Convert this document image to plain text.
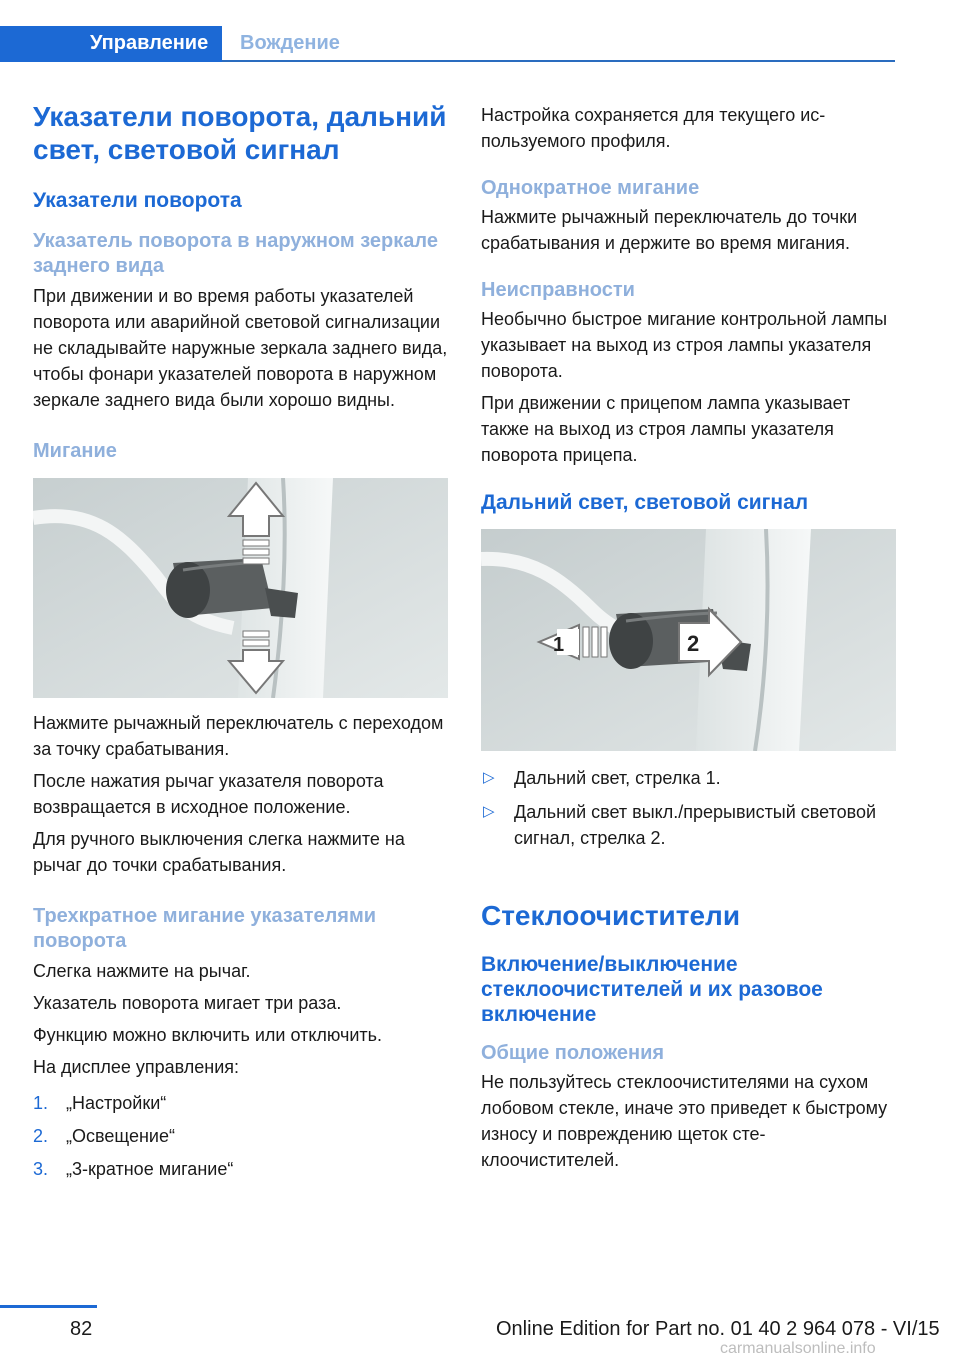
Управление	Вождение
Указатели поворота, дальний свет, световой сигнал
Указатели поворота
Указатель поворота в наружном зеркале заднего вида

При движении и во время работы указателей поворота или аварийной световой сигнализации не складывайте наружные зеркала заднего вида, чтобы фонари указателей поворота в наружном зеркале заднего вида были хорошо видны.

Мигание

Нажмите рычажный переключатель с переходом за точку срабатывания.

После нажатия рычаг указателя поворота возвращается в исходное положение.

Для ручного выключения слегка нажмите на рычаг до точки срабатывания.

Трехкратное мигание указателями поворота

Слегка нажмите на рычаг.

Указатель поворота мигает три раза.

Функцию можно включить или отключить.

На дисплее управления:

1. „Настройки“
2. „Освещение“
3. „3-кратное мигание“

Настройка сохраняется для текущего используемого профиля.

Однократное мигание

Нажмите рычажный переключатель до точки срабатывания и держите во время мигания.

Неисправности

Необычно быстрое мигание контрольной лампы указывает на выход из строя лампы указателя поворота.

При движении с прицепом лампа указывает также на выход из строя лампы указателя поворота прицепа.

Дальний свет, световой сигнал
1	2
▷ Дальний свет, стрелка 1.
▷ Дальний свет выкл./прерывистый световой сигнал, стрелка 2.
Стеклоочистители
Включение/выключение стеклоочистителей и их разовое включение
Общие положения

Не пользуйтесь стеклоочистителями на сухом лобовом стекле, иначе это приведет к быстрому износу и повреждению щеток стеклоочистителей.

82	Online Edition for Part no. 01 40 2 964 078 - VI/15
carmanualsonline.info
